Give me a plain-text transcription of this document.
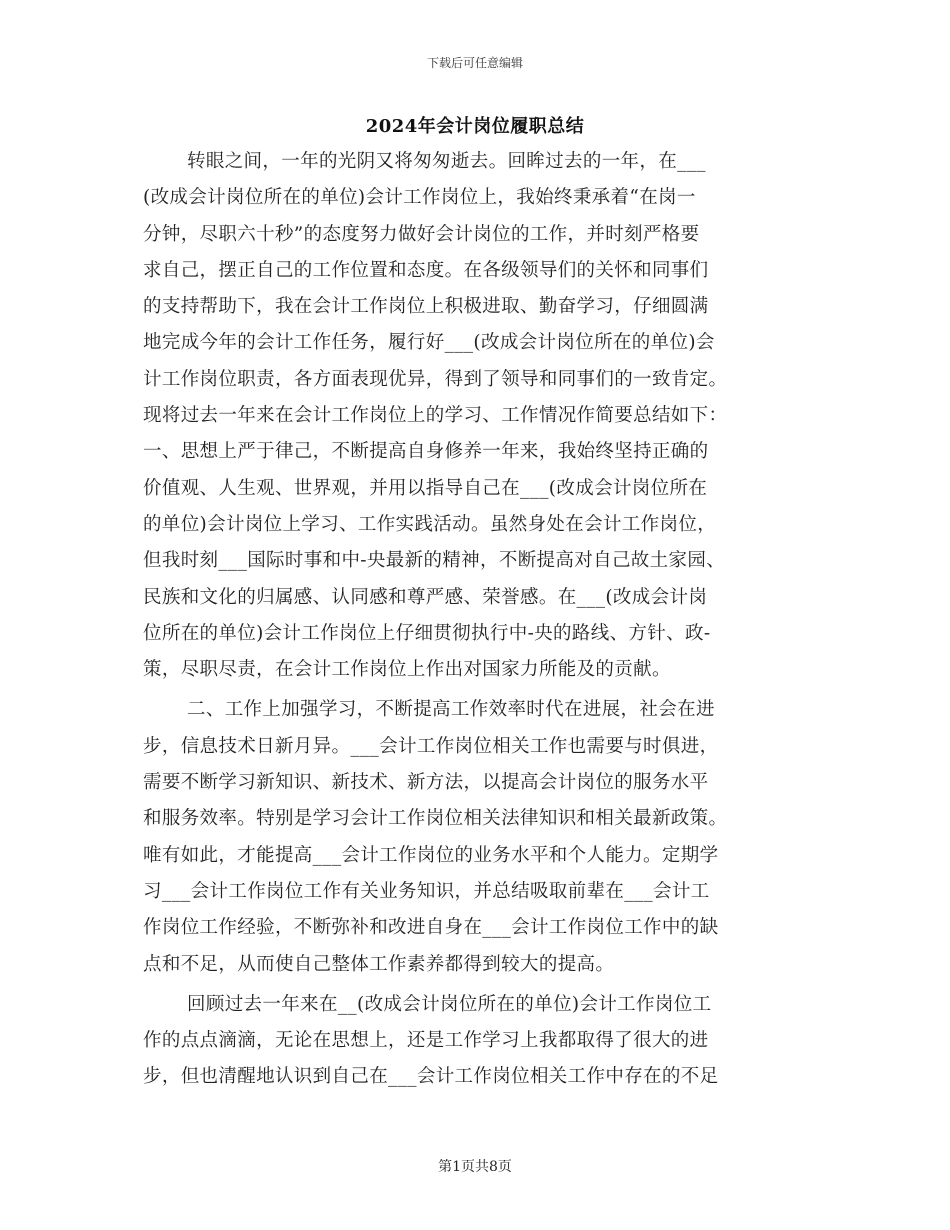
下载后可任意编辑
2024年会计岗位履职总结
转眼之间，一年的光阴又将匆匆逝去。回眸过去的一年，在___
(改成会计岗位所在的单位)会计工作岗位上，我始终秉承着“在岗一
分钟，尽职六十秒”的态度努力做好会计岗位的工作，并时刻严格要
求自己，摆正自己的工作位置和态度。在各级领导们的关怀和同事们
的支持帮助下，我在会计工作岗位上积极进取、勤奋学习，仔细圆满
地完成今年的会计工作任务，履行好___(改成会计岗位所在的单位)会
计工作岗位职责，各方面表现优异，得到了领导和同事们的一致肯定。
现将过去一年来在会计工作岗位上的学习、工作情况作简要总结如下：
一、思想上严于律己，不断提高自身修养一年来，我始终坚持正确的
价值观、人生观、世界观，并用以指导自己在___(改成会计岗位所在
的单位)会计岗位上学习、工作实践活动。虽然身处在会计工作岗位，
但我时刻___国际时事和中-央最新的精神，不断提高对自己故土家园、
民族和文化的归属感、认同感和尊严感、荣誉感。在___(改成会计岗
位所在的单位)会计工作岗位上仔细贯彻执行中-央的路线、方针、政-
策，尽职尽责，在会计工作岗位上作出对国家力所能及的贡献。
二、工作上加强学习，不断提高工作效率时代在进展，社会在进
步，信息技术日新月异。___会计工作岗位相关工作也需要与时俱进，
需要不断学习新知识、新技术、新方法，以提高会计岗位的服务水平
和服务效率。特别是学习会计工作岗位相关法律知识和相关最新政策。
唯有如此，才能提高___会计工作岗位的业务水平和个人能力。定期学
习___会计工作岗位工作有关业务知识，并总结吸取前辈在___会计工
作岗位工作经验，不断弥补和改进自身在___会计工作岗位工作中的缺
点和不足，从而使自己整体工作素养都得到较大的提高。
回顾过去一年来在__(改成会计岗位所在的单位)会计工作岗位工
作的点点滴滴，无论在思想上，还是工作学习上我都取得了很大的进
步，但也清醒地认识到自己在___会计工作岗位相关工作中存在的不足
第1页共8页
